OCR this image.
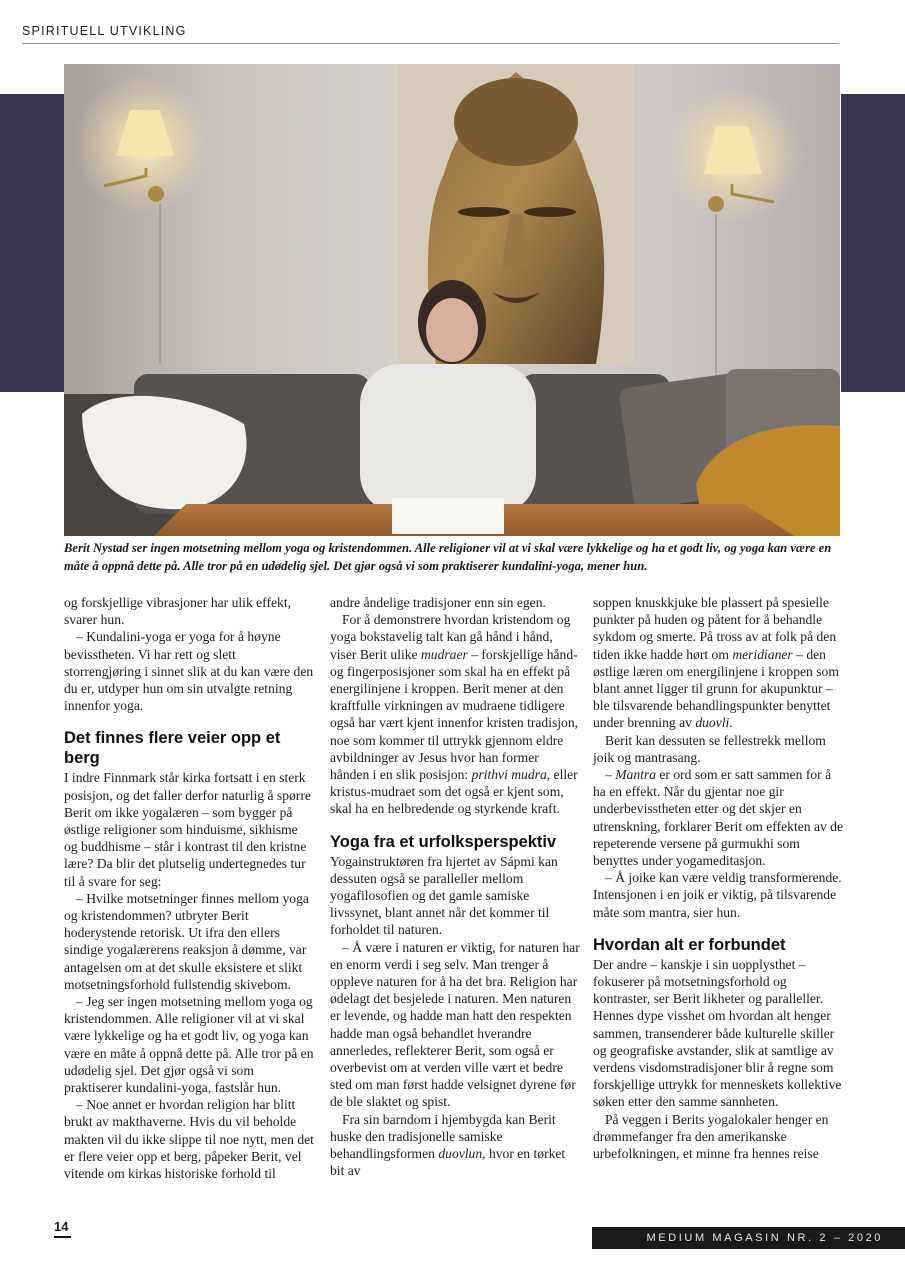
SPIRITUELL UTVIKLING
Berit Nystad ser ingen motsetning mellom yoga og kristendommen. Alle religioner vil at vi skal være lykkelige og ha et godt liv, og yoga kan være en måte å oppnå dette på. Alle tror på en udødelig sjel. Det gjør også vi som praktiserer kundalini-yoga, mener hun.

og forskjellige vibrasjoner har ulik effekt, svarer hun.

– Kundalini-yoga er yoga for å høyne bevisstheten. Vi har rett og slett storrengjøring i sinnet slik at du kan være den du er, utdyper hun om sin utvalgte retning innenfor yoga.

Det finnes flere veier opp et berg

I indre Finnmark står kirka fortsatt i en sterk posisjon, og det faller derfor naturlig å spørre Berit om ikke yogalæren – som bygger på østlige religioner som hinduisme, sikhisme og buddhisme – står i kontrast til den kristne lære? Da blir det plutselig undertegnedes tur til å svare for seg:

– Hvilke motsetninger finnes mellom yoga og kristendommen? utbryter Berit hoderystende retorisk. Ut ifra den ellers sindige yogalærerens reaksjon å dømme, var antagelsen om at det skulle eksistere et slikt motsetningsforhold fullstendig skivebom.

– Jeg ser ingen motsetning mellom yoga og kristendommen. Alle religioner vil at vi skal være lykkelige og ha et godt liv, og yoga kan være en måte å oppnå dette på. Alle tror på en udødelig sjel. Det gjør også vi som praktiserer kundalini-yoga, fastslår hun.

– Noe annet er hvordan religion har blitt brukt av makthaverne. Hvis du vil beholde makten vil du ikke slippe til noe nytt, men det er flere veier opp et berg, påpeker Berit, vel vitende om kirkas historiske forhold til

andre åndelige tradisjoner enn sin egen.

For å demonstrere hvordan kristendom og yoga bokstavelig talt kan gå hånd i hånd, viser Berit ulike mudraer – forskjellige hånd- og fingerposisjoner som skal ha en effekt på energilinjene i kroppen. Berit mener at den kraftfulle virkningen av mudraene tidligere også har vært kjent innenfor kristen tradisjon, noe som kommer til uttrykk gjennom eldre avbildninger av Jesus hvor han former hånden i en slik posisjon: prithvi mudra, eller kristus-mudraet som det også er kjent som, skal ha en helbredende og styrkende kraft.

Yoga fra et urfolksperspektiv

Yogainstruktøren fra hjertet av Sápmi kan dessuten også se paralleller mellom yogafilosofien og det gamle samiske livssynet, blant annet når det kommer til forholdet til naturen.

– Å være i naturen er viktig, for naturen har en enorm verdi i seg selv. Man trenger å oppleve naturen for å ha det bra. Religion har ødelagt det besjelede i naturen. Men naturen er levende, og hadde man hatt den respekten hadde man også behandlet hverandre annerledes, reflekterer Berit, som også er overbevist om at verden ville vært et bedre sted om man først hadde velsignet dyrene før de ble slaktet og spist.

Fra sin barndom i hjembygda kan Berit huske den tradisjonelle samiske behandlingsformen duovlun, hvor en tørket bit av

soppen knuskkjuke ble plassert på spesielle punkter på huden og påtent for å behandle sykdom og smerte. På tross av at folk på den tiden ikke hadde hørt om meridianer – den østlige læren om energilinjene i kroppen som blant annet ligger til grunn for akupunktur – ble tilsvarende behandlingspunkter benyttet under brenning av duovli.

Berit kan dessuten se fellestrekk mellom joik og mantrasang.

– Mantra er ord som er satt sammen for å ha en effekt. Når du gjentar noe gir underbevisstheten etter og det skjer en utrenskning, forklarer Berit om effekten av de repeterende versene på gurmukhi som benyttes under yogameditasjon.

– Å joike kan være veldig transformerende. Intensjonen i en joik er viktig, på tilsvarende måte som mantra, sier hun.

Hvordan alt er forbundet

Der andre – kanskje i sin uopplysthet – fokuserer på motsetningsforhold og kontraster, ser Berit likheter og paralleller. Hennes dype visshet om hvordan alt henger sammen, transenderer både kulturelle skiller og geografiske avstander, slik at samtlige av verdens visdomstradisjoner blir å regne som forskjellige uttrykk for menneskets kollektive søken etter den samme sannheten.

På veggen i Berits yogalokaler henger en drømmefanger fra den amerikanske urbefolkningen, et minne fra hennes reise

14
MEDIUM MAGASIN NR. 2 – 2020
